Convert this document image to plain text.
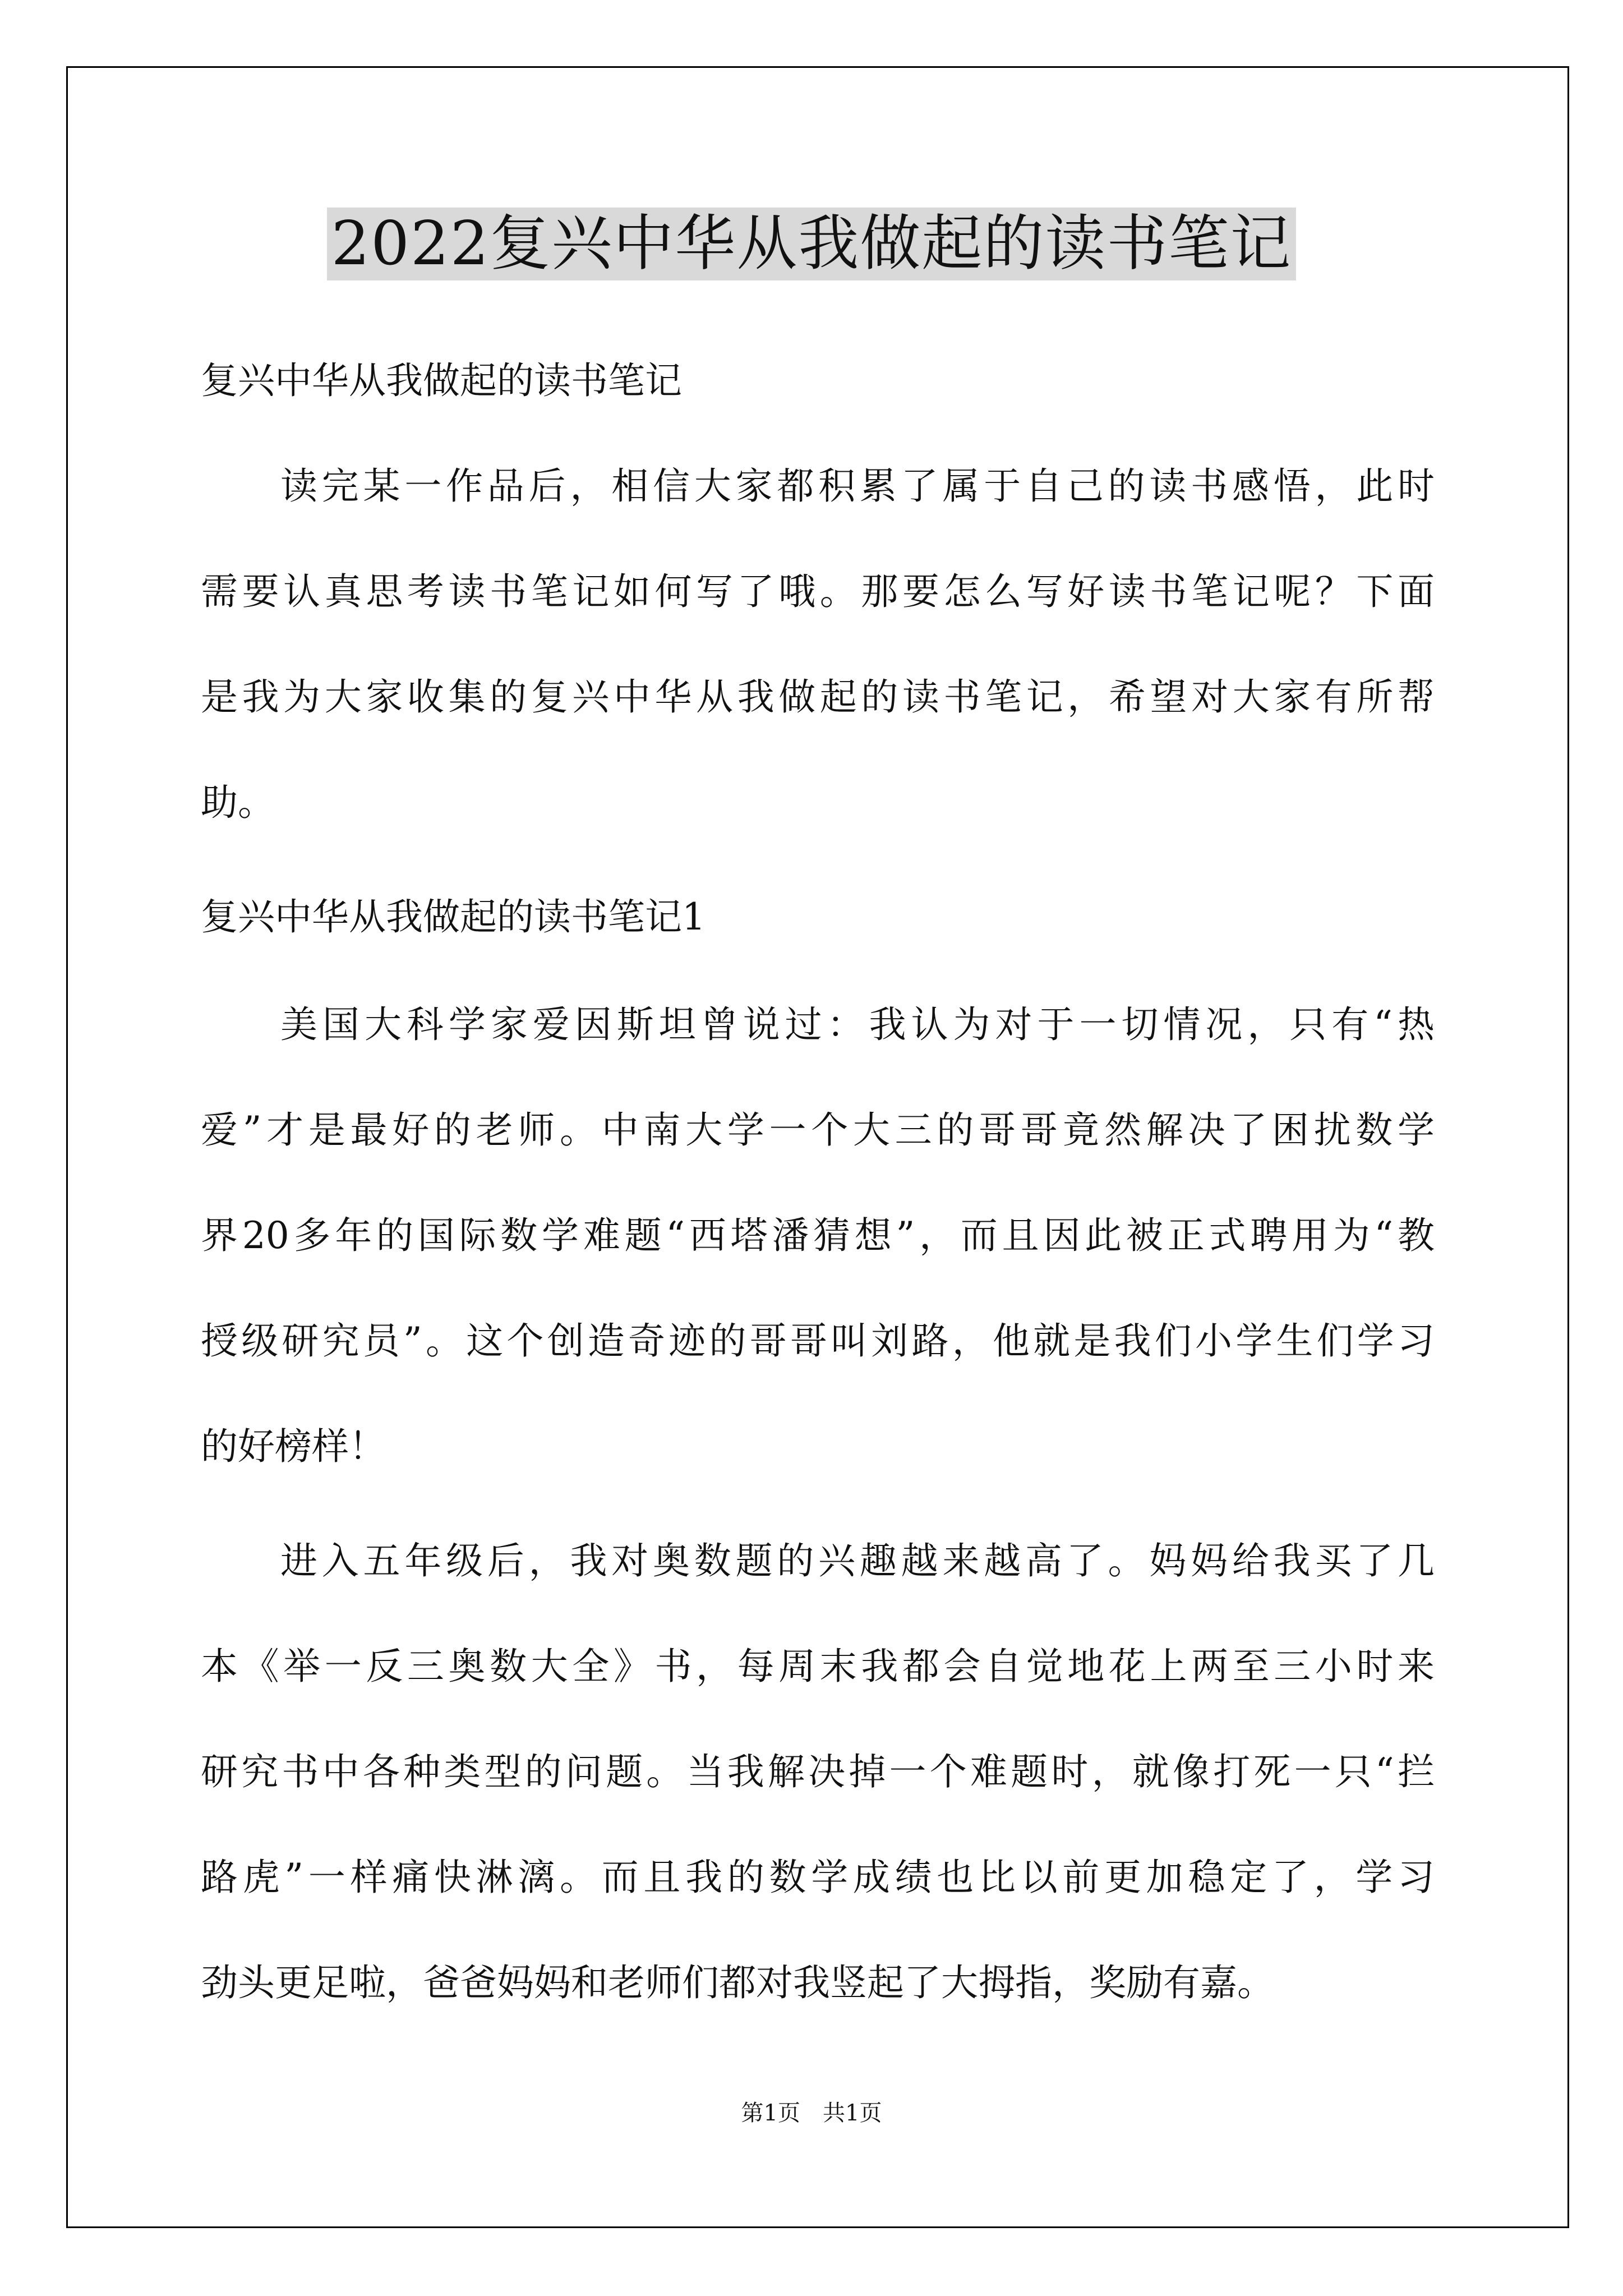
2022复兴中华从我做起的读书笔记
复兴中华从我做起的读书笔记
读完某一作品后，相信大家都积累了属于自己的读书感悟，此时
需要认真思考读书笔记如何写了哦。那要怎么写好读书笔记呢？下面
是我为大家收集的复兴中华从我做起的读书笔记，希望对大家有所帮
助。
复兴中华从我做起的读书笔记1
美国大科学家爱因斯坦曾说过：我认为对于一切情况，只有“热
爱”才是最好的老师。中南大学一个大三的哥哥竟然解决了困扰数学
界20多年的国际数学难题“西塔潘猜想”，而且因此被正式聘用为“教
授级研究员”。这个创造奇迹的哥哥叫刘路，他就是我们小学生们学习
的好榜样！
进入五年级后，我对奥数题的兴趣越来越高了。妈妈给我买了几
本《举一反三奥数大全》书，每周末我都会自觉地花上两至三小时来
研究书中各种类型的问题。当我解决掉一个难题时，就像打死一只“拦
路虎”一样痛快淋漓。而且我的数学成绩也比以前更加稳定了，学习
劲头更足啦，爸爸妈妈和老师们都对我竖起了大拇指，奖励有嘉。
第1页　共1页
